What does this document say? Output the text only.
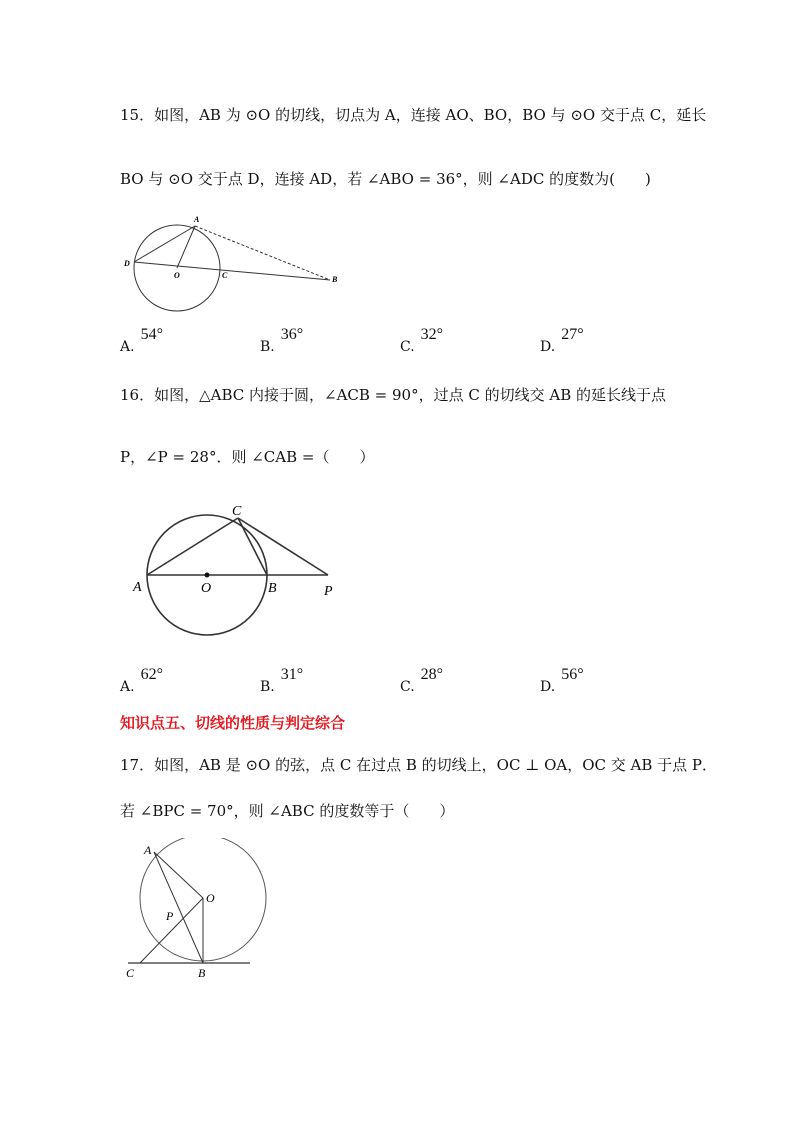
15．如图，AB 为 ⊙O 的切线，切点为 A，连接 AO、BO，BO 与 ⊙O 交于点 C，延长
BO 与 ⊙O 交于点 D，连接 AD，若 ∠ABO = 36°，则 ∠ADC 的度数为(　　)
A
D
O	C	B
A.54°
B.36°
C.32°
D.27°
16．如图，△ABC 内接于圆，∠ACB = 90°，过点 C 的切线交 AB 的延长线于点
P，∠P = 28°．则 ∠CAB =（　　）
A	O	B
C
P
A.62°
B.31°
C.28°
D.56°
知识点五、切线的性质与判定综合
17．如图，AB 是 ⊙O 的弦，点 C 在过点 B 的切线上，OC ⊥ OA，OC 交 AB 于点 P．
若 ∠BPC = 70°，则 ∠ABC 的度数等于（　　）
A
O
P
C	B
